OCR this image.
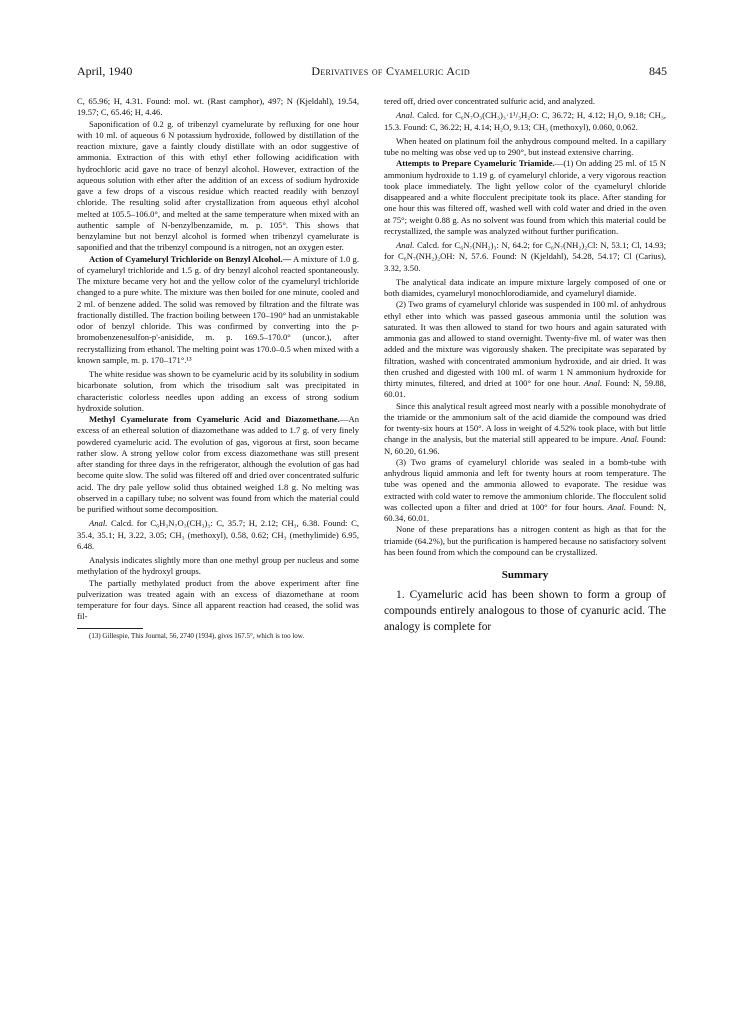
April, 1940	Derivatives of Cyameluric Acid	845

C, 65.96; H, 4.31. Found: mol. wt. (Rast camphor), 497; N (Kjeldahl), 19.54, 19.57; C, 65.46; H, 4.46.

Saponification of 0.2 g. of tribenzyl cyamelurate by refluxing for one hour with 10 ml. of aqueous 6 N potassium hydroxide, followed by distillation of the reaction mixture, gave a faintly cloudy distillate with an odor suggestive of ammonia. Extraction of this with ethyl ether following acidification with hydrochloric acid gave no trace of benzyl alcohol. However, extraction of the aqueous solution with ether after the addition of an excess of sodium hydroxide gave a few drops of a viscous residue which reacted readily with benzoyl chloride. The resulting solid after crystallization from aqueous ethyl alcohol melted at 105.5–106.0°, and melted at the same temperature when mixed with an authentic sample of N-benzylbenzamide, m. p. 105°. This shows that benzylamine but not benzyl alcohol is formed when tribenzyl cyamelurate is saponified and that the tribenzyl compound is a nitrogen, not an oxygen ester.

Action of Cyameluryl Trichloride on Benzyl Alcohol.— A mixture of 1.0 g. of cyameluryl trichloride and 1.5 g. of dry benzyl alcohol reacted spontaneously. The mixture became very hot and the yellow color of the cyameluryl trichloride changed to a pure white. The mixture was then boiled for one minute, cooled and 2 ml. of benzene added. The solid was removed by filtration and the filtrate was fractionally distilled. The fraction boiling between 170–190° had an unmistakable odor of benzyl chloride. This was confirmed by converting into the p-bromobenzenesulfon-p'-anisidide, m. p. 169.5–170.0° (uncor.), after recrystallizing from ethanol. The melting point was 170.0–0.5 when mixed with a known sample, m. p. 170–171°.¹³

The white residue was shown to be cyameluric acid by its solubility in sodium bicarbonate solution, from which the trisodium salt was precipitated in characteristic colorless needles upon adding an excess of strong sodium hydroxide solution.

Methyl Cyamelurate from Cyameluric Acid and Diazomethane.—An excess of an ethereal solution of diazomethane was added to 1.7 g. of very finely powdered cyameluric acid. The evolution of gas, vigorous at first, soon became rather slow. A strong yellow color from excess diazomethane was still present after standing for three days in the refrigerator, although the evolution of gas had become quite slow. The solid was filtered off and dried over concentrated sulfuric acid. The dry pale yellow solid thus obtained weighed 1.8 g. No melting was observed in a capillary tube; no solvent was found from which the material could be purified without some decomposition.

Anal. Calcd. for C₆H₃N₇O₃(CH₃)₃: C, 35.7; H, 2.12; CH₃, 6.38. Found: C, 35.4, 35.1; H, 3.22, 3.05; CH₃ (methoxyl), 0.58, 0.62; CH₃ (methylimide) 6.95, 6.48.

Analysis indicates slightly more than one methyl group per nucleus and some methylation of the hydroxyl groups.

The partially methylated product from the above experiment after fine pulverization was treated again with an excess of diazomethane at room temperature for four days. Since all apparent reaction had ceased, the solid was fil-

(13) Gillespie, This Journal, 56, 2740 (1934), gives 167.5°, which is too low.

tered off, dried over concentrated sulfuric acid, and analyzed.

Anal. Calcd. for C₆N₇O₃(CH₃)₃·1¹/₃H₂O: C, 36.72; H, 4.12; H₂O, 9.18; CH₃, 15.3. Found: C, 36.22; H, 4.14; H₂O, 9.13; CH₃ (methoxyl), 0.060, 0.062.

When heated on platinum foil the anhydrous compound melted. In a capillary tube no melting was obse ved up to 290°, but instead extensive charring.

Attempts to Prepare Cyameluric Triamide.—(1) On adding 25 ml. of 15 N ammonium hydroxide to 1.19 g. of cyameluryl chloride, a very vigorous reaction took place immediately. The light yellow color of the cyameluryl chloride disappeared and a white flocculent precipitate took its place. After standing for one hour this was filtered off, washed well with cold water and dried in the oven at 75°; weight 0.88 g. As no solvent was found from which this material could be recrystallized, the sample was analyzed without further purification.

Anal. Calcd. for C₆N₇(NH₂)₃: N, 64.2; for C₆N₇(NH₂)₂Cl: N, 53.1; Cl, 14.93; for C₆N₇(NH₂)₂OH: N, 57.6. Found: N (Kjeldahl), 54.28, 54.17; Cl (Carius), 3.32, 3.50.

The analytical data indicate an impure mixture largely composed of one or both diamides, cyameluryl monochlorodiamide, and cyameluryl diamide.

(2) Two grams of cyameluryl chloride was suspended in 100 ml. of anhydrous ethyl ether into which was passed gaseous ammonia until the solution was saturated. It was then allowed to stand for two hours and again saturated with ammonia gas and allowed to stand overnight. Twenty-five ml. of water was then added and the mixture was vigorously shaken. The precipitate was separated by filtration, washed with concentrated ammonium hydroxide, and air dried. It was then crushed and digested with 100 ml. of warm 1 N ammonium hydroxide for thirty minutes, filtered, and dried at 100° for one hour. Anal. Found: N, 59.88, 60.01.

Since this analytical result agreed most nearly with a possible monohydrate of the triamide or the ammonium salt of the acid diamide the compound was dried for twenty-six hours at 150°. A loss in weight of 4.52% took place, with but little change in the analysis, but the material still appeared to be impure. Anal. Found: N, 60.20, 61.96.

(3) Two grams of cyameluryl chloride was sealed in a bomb-tube with anhydrous liquid ammonia and left for twenty hours at room temperature. The tube was opened and the ammonia allowed to evaporate. The residue was extracted with cold water to remove the ammonium chloride. The flocculent solid was collected upon a filter and dried at 100° for four hours. Anal. Found: N, 60.34, 60.01.

None of these preparations has a nitrogen content as high as that for the triamide (64.2%), but the purification is hampered because no satisfactory solvent has been found from which the compound can be crystallized.

Summary

1. Cyameluric acid has been shown to form a group of compounds entirely analogous to those of cyanuric acid. The analogy is complete for
